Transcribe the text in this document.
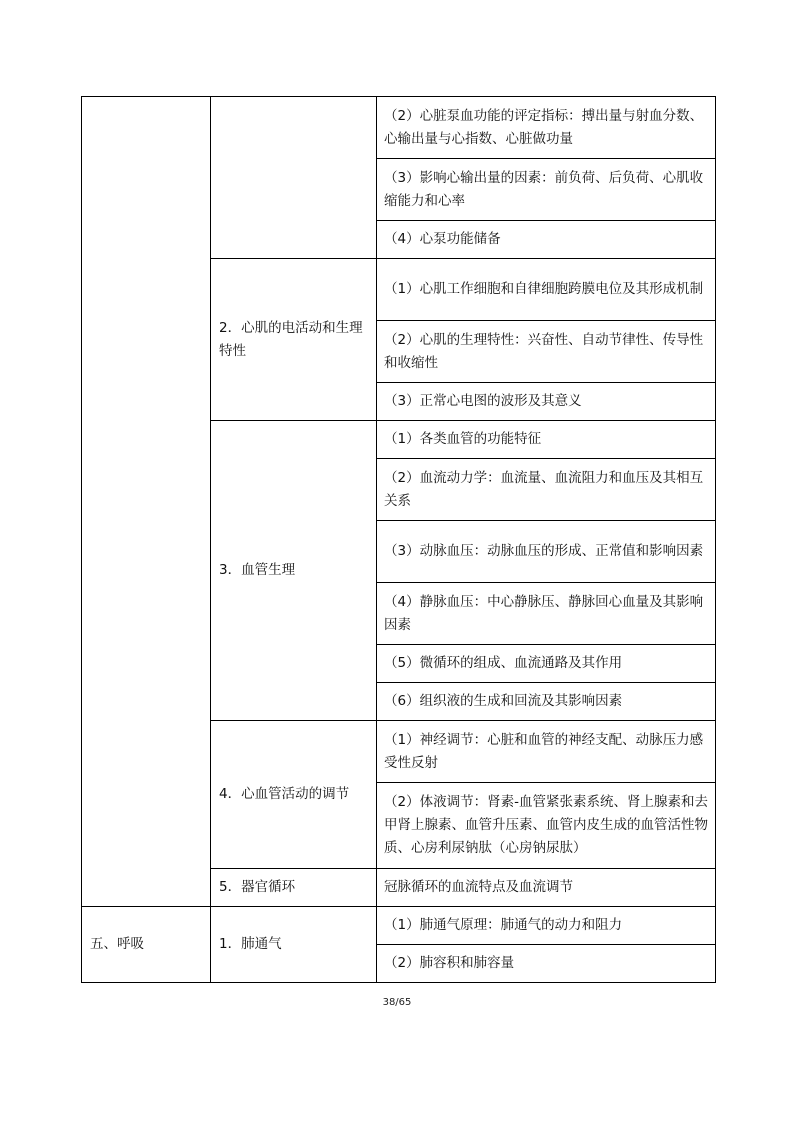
		（2）心脏泵血功能的评定指标：搏出量与射血分数、心输出量与心指数、心脏做功量
		（3）影响心输出量的因素：前负荷、后负荷、心肌收缩能力和心率
		（4）心泵功能储备
	2．心肌的电活动和生理特性	（1）心肌工作细胞和自律细胞跨膜电位及其形成机制
		（2）心肌的生理特性：兴奋性、自动节律性、传导性和收缩性
		（3）正常心电图的波形及其意义
	3．血管生理	（1）各类血管的功能特征
		（2）血流动力学：血流量、血流阻力和血压及其相互关系
		（3）动脉血压：动脉血压的形成、正常值和影响因素
		（4）静脉血压：中心静脉压、静脉回心血量及其影响因素
		（5）微循环的组成、血流通路及其作用
		（6）组织液的生成和回流及其影响因素
	4．心血管活动的调节	（1）神经调节：心脏和血管的神经支配、动脉压力感受性反射
		（2）体液调节：肾素-血管紧张素系统、肾上腺素和去甲肾上腺素、血管升压素、血管内皮生成的血管活性物质、心房利尿钠肽（心房钠尿肽）
	5．器官循环	冠脉循环的血流特点及血流调节
五、呼吸	1．肺通气	（1）肺通气原理：肺通气的动力和阻力
		（2）肺容积和肺容量
38/65
